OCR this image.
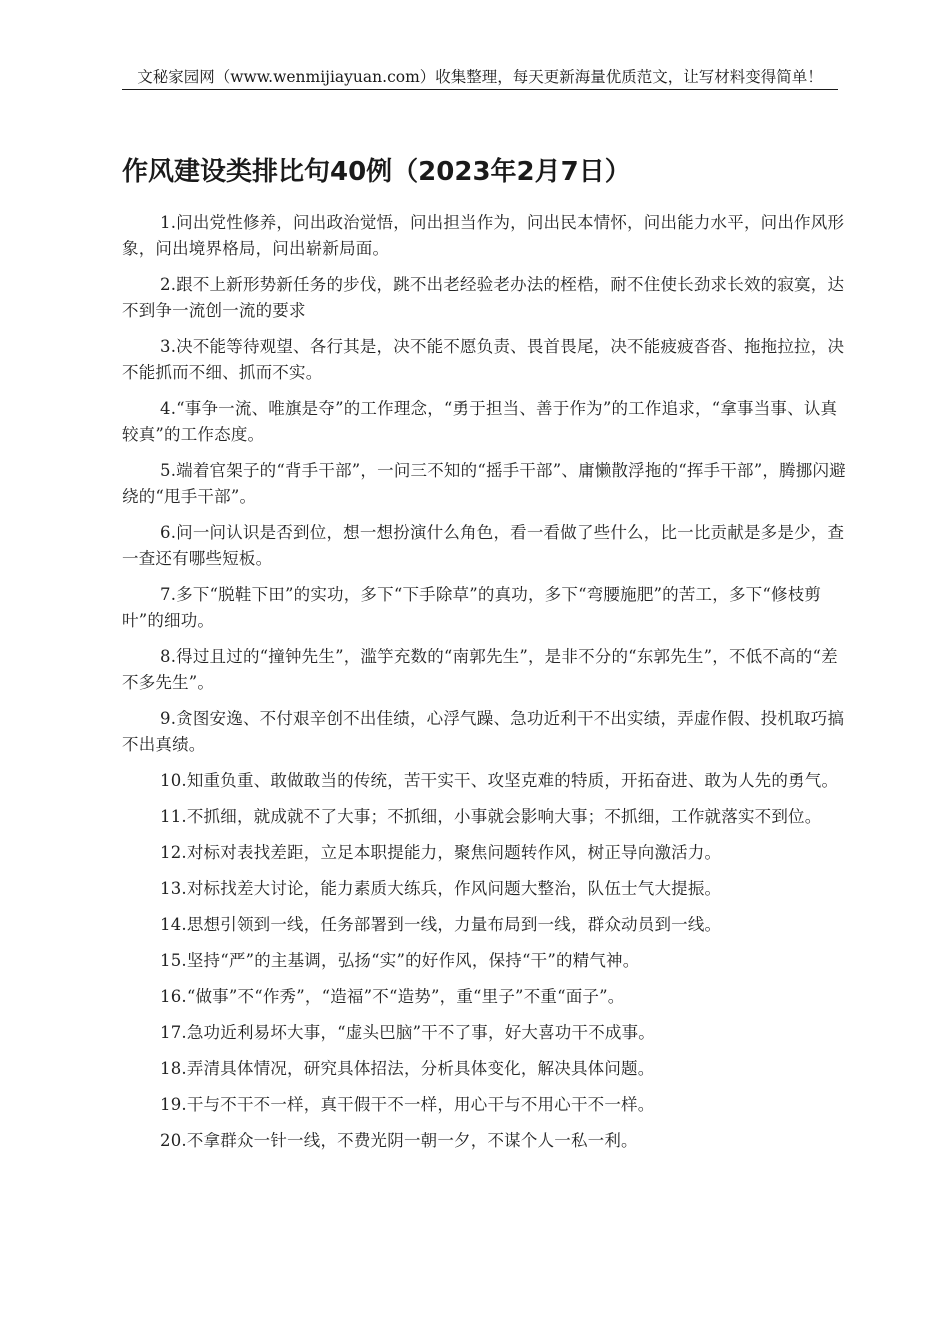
文秘家园网（www.wenmijiayuan.com）收集整理，每天更新海量优质范文，让写材料变得简单！
作风建设类排比句40例（2023年2月7日）

1.问出党性修养，问出政治觉悟，问出担当作为，问出民本情怀，问出能力水平，问出作风形象，问出境界格局，问出崭新局面。

2.跟不上新形势新任务的步伐，跳不出老经验老办法的桎梏，耐不住使长劲求长效的寂寞，达不到争一流创一流的要求

3.决不能等待观望、各行其是，决不能不愿负责、畏首畏尾，决不能疲疲沓沓、拖拖拉拉，决不能抓而不细、抓而不实。

4.“事争一流、唯旗是夺”的工作理念，“勇于担当、善于作为”的工作追求，“拿事当事、认真较真”的工作态度。

5.端着官架子的“背手干部”，一问三不知的“摇手干部”、庸懒散浮拖的“挥手干部”，腾挪闪避绕的“甩手干部”。

6.问一问认识是否到位，想一想扮演什么角色，看一看做了些什么，比一比贡献是多是少，查一查还有哪些短板。

7.多下“脱鞋下田”的实功，多下“下手除草”的真功，多下“弯腰施肥”的苦工，多下“修枝剪叶”的细功。

8.得过且过的“撞钟先生”，滥竽充数的“南郭先生”，是非不分的“东郭先生”，不低不高的“差不多先生”。

9.贪图安逸、不付艰辛创不出佳绩，心浮气躁、急功近利干不出实绩，弄虚作假、投机取巧搞不出真绩。

10.知重负重、敢做敢当的传统，苦干实干、攻坚克难的特质，开拓奋进、敢为人先的勇气。

11.不抓细，就成就不了大事；不抓细，小事就会影响大事；不抓细，工作就落实不到位。

12.对标对表找差距，立足本职提能力，聚焦问题转作风，树正导向激活力。

13.对标找差大讨论，能力素质大练兵，作风问题大整治，队伍士气大提振。

14.思想引领到一线，任务部署到一线，力量布局到一线，群众动员到一线。

15.坚持“严”的主基调，弘扬“实”的好作风，保持“干”的精气神。

16.“做事”不“作秀”，“造福”不“造势”，重“里子”不重“面子”。

17.急功近利易坏大事，“虚头巴脑”干不了事，好大喜功干不成事。

18.弄清具体情况，研究具体招法，分析具体变化，解决具体问题。

19.干与不干不一样，真干假干不一样，用心干与不用心干不一样。

20.不拿群众一针一线，不费光阴一朝一夕，不谋个人一私一利。
